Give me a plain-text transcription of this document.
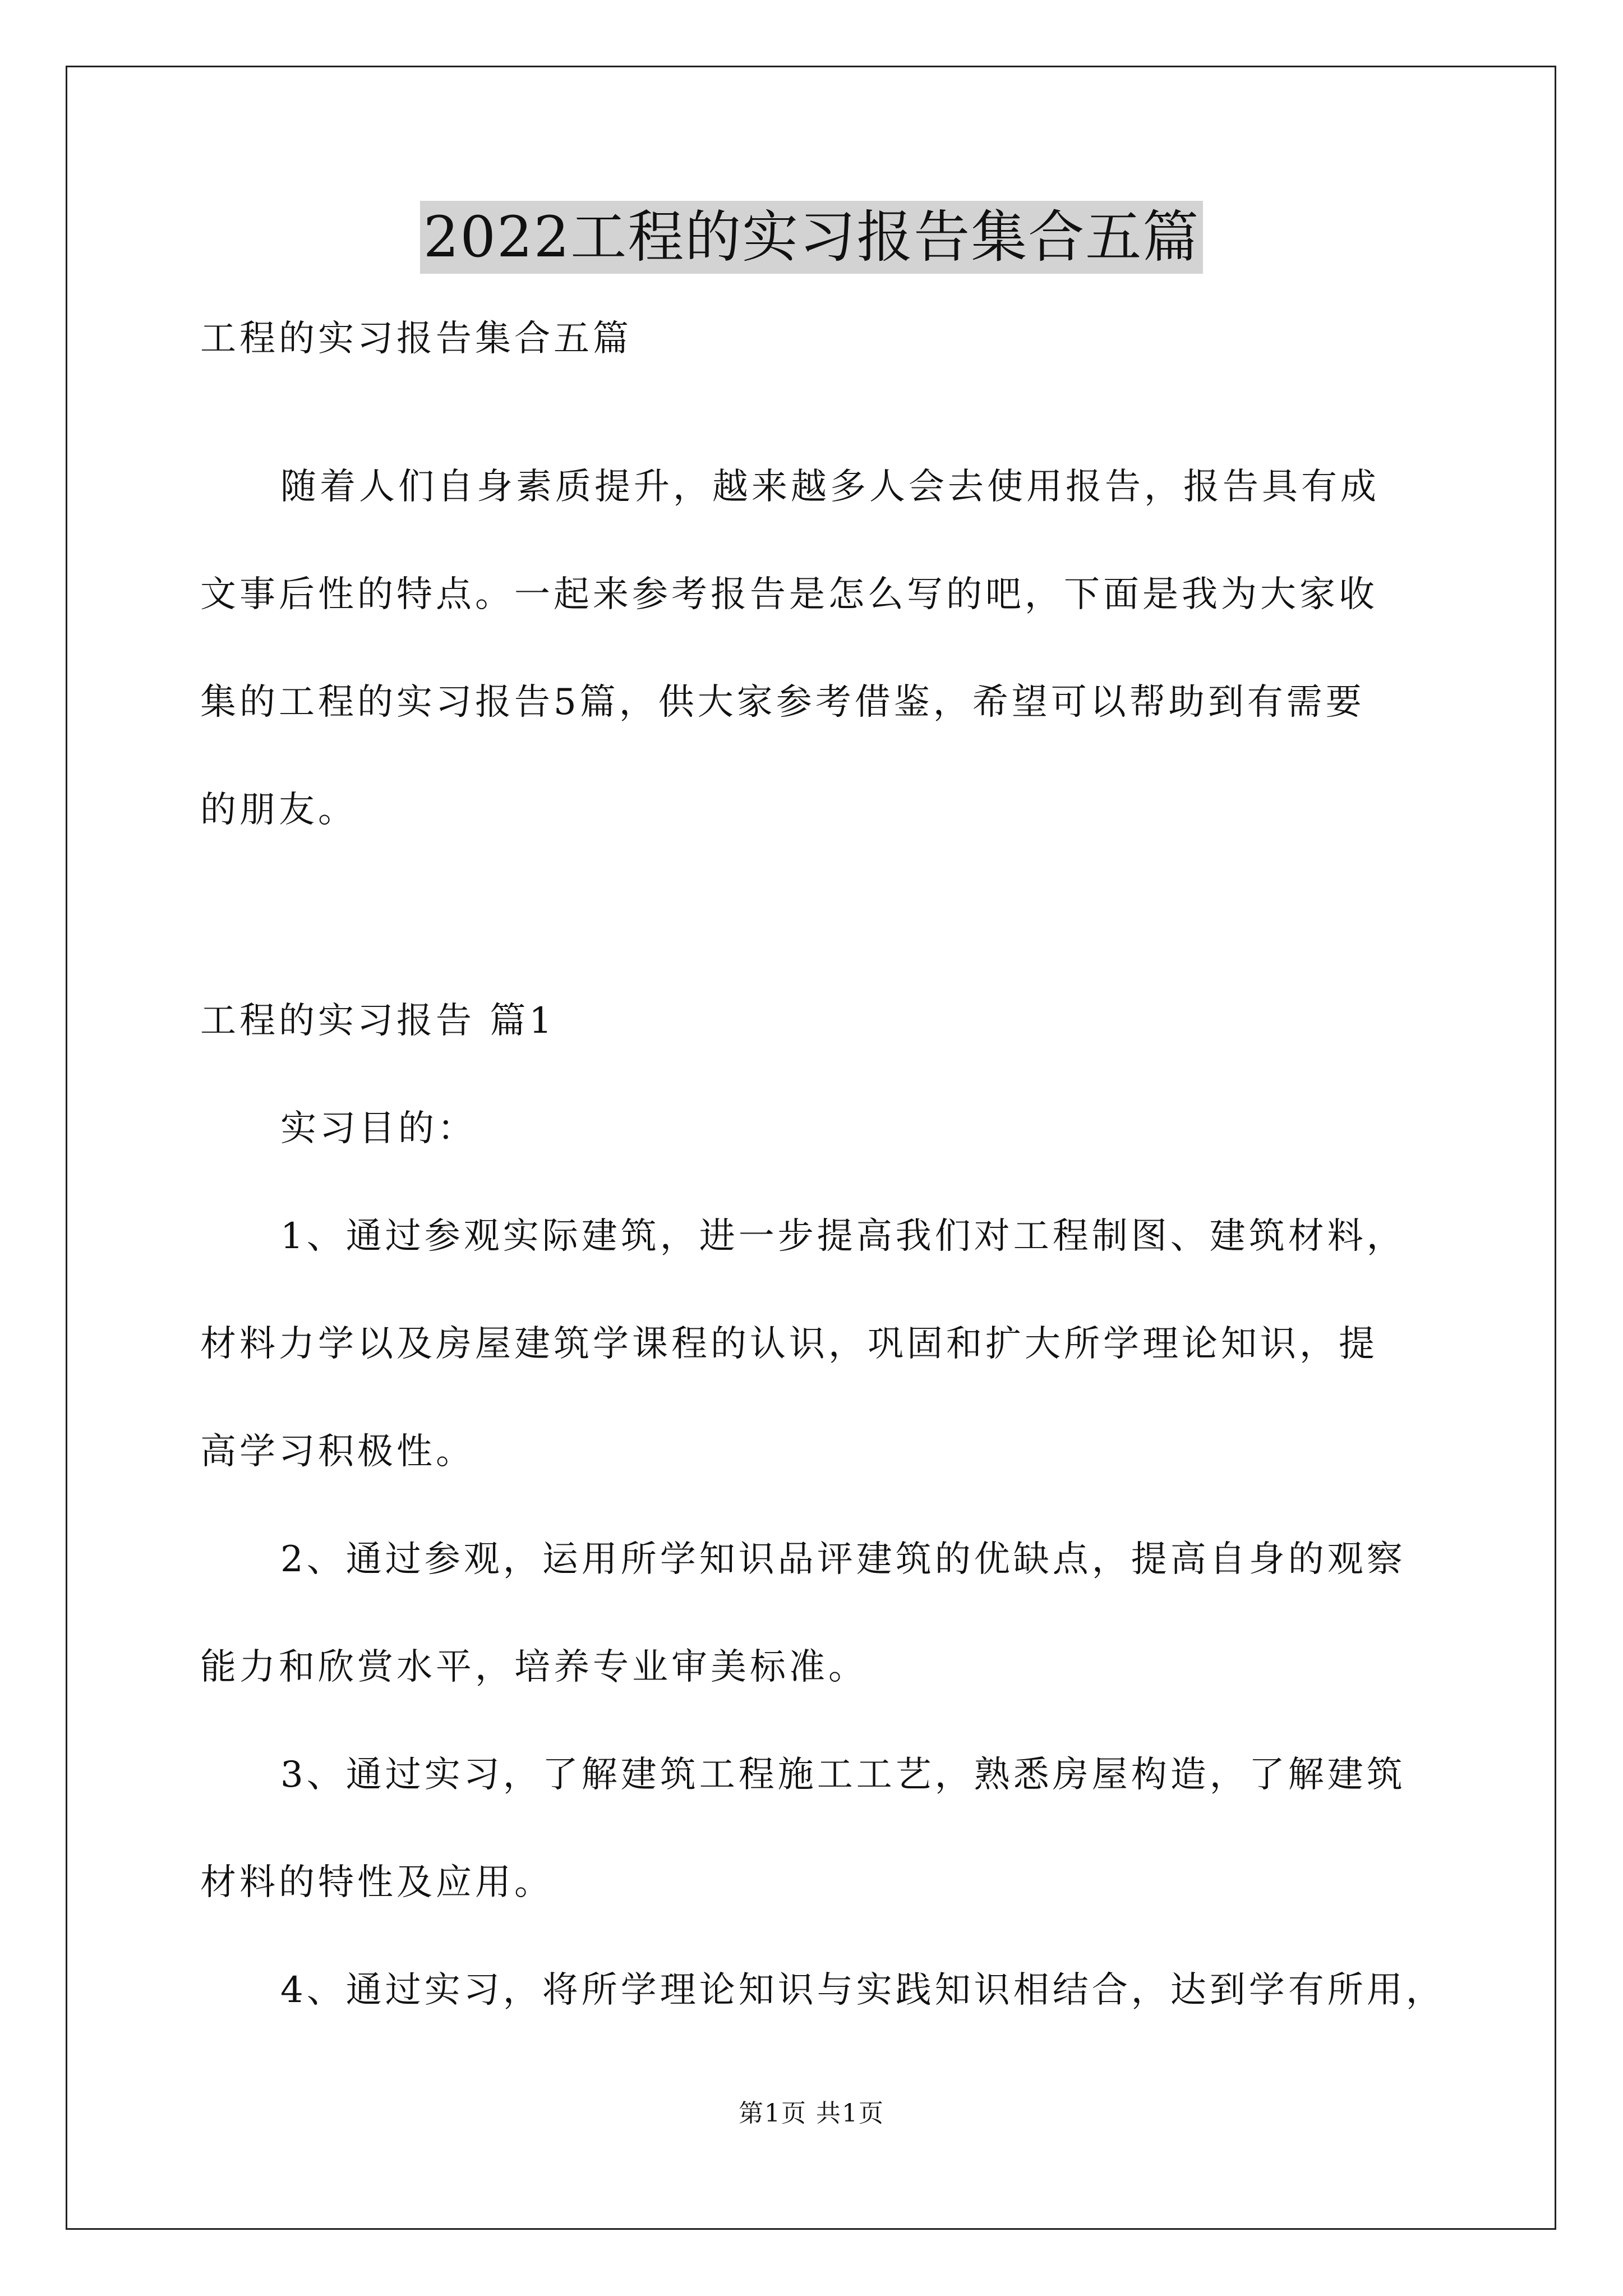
2022工程的实习报告集合五篇
工程的实习报告集合五篇
随着人们自身素质提升，越来越多人会去使用报告，报告具有成
文事后性的特点。一起来参考报告是怎么写的吧，下面是我为大家收
集的工程的实习报告5篇，供大家参考借鉴，希望可以帮助到有需要
的朋友。
工程的实习报告 篇1
实习目的：
1、通过参观实际建筑，进一步提高我们对工程制图、建筑材料，
材料力学以及房屋建筑学课程的认识，巩固和扩大所学理论知识，提
高学习积极性。
2、通过参观，运用所学知识品评建筑的优缺点，提高自身的观察
能力和欣赏水平，培养专业审美标准。
3、通过实习，了解建筑工程施工工艺，熟悉房屋构造，了解建筑
材料的特性及应用。
4、通过实习，将所学理论知识与实践知识相结合，达到学有所用，
第1页 共1页
